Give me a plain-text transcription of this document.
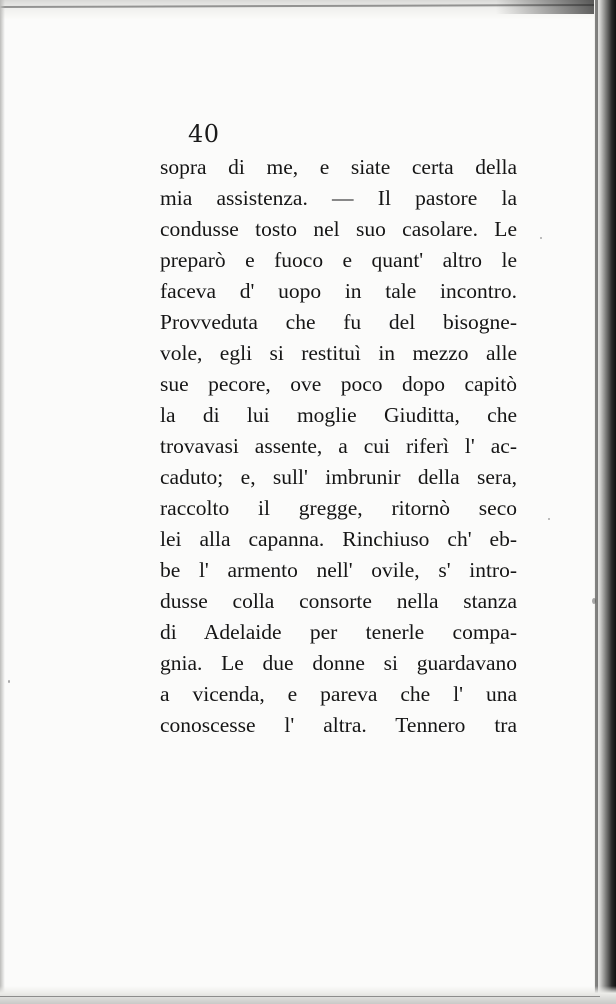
40
sopra di me, e siate certa della
mia assistenza. — Il pastore la
condusse tosto nel suo casolare. Le
preparò e fuoco e quant' altro le
faceva d' uopo in tale incontro.
Provveduta che fu del bisogne-
vole, egli si restituì in mezzo alle
sue pecore, ove poco dopo capitò
la di lui moglie Giuditta, che
trovavasi assente, a cui riferì l' ac-
caduto; e, sull' imbrunir della sera,
raccolto il gregge, ritornò seco
lei alla capanna. Rinchiuso ch' eb-
be l' armento nell' ovile, s' intro-
dusse colla consorte nella stanza
di Adelaide per tenerle compa-
gnia. Le due donne si guardavano
a vicenda, e pareva che l' una
conoscesse l' altra. Tennero tra
